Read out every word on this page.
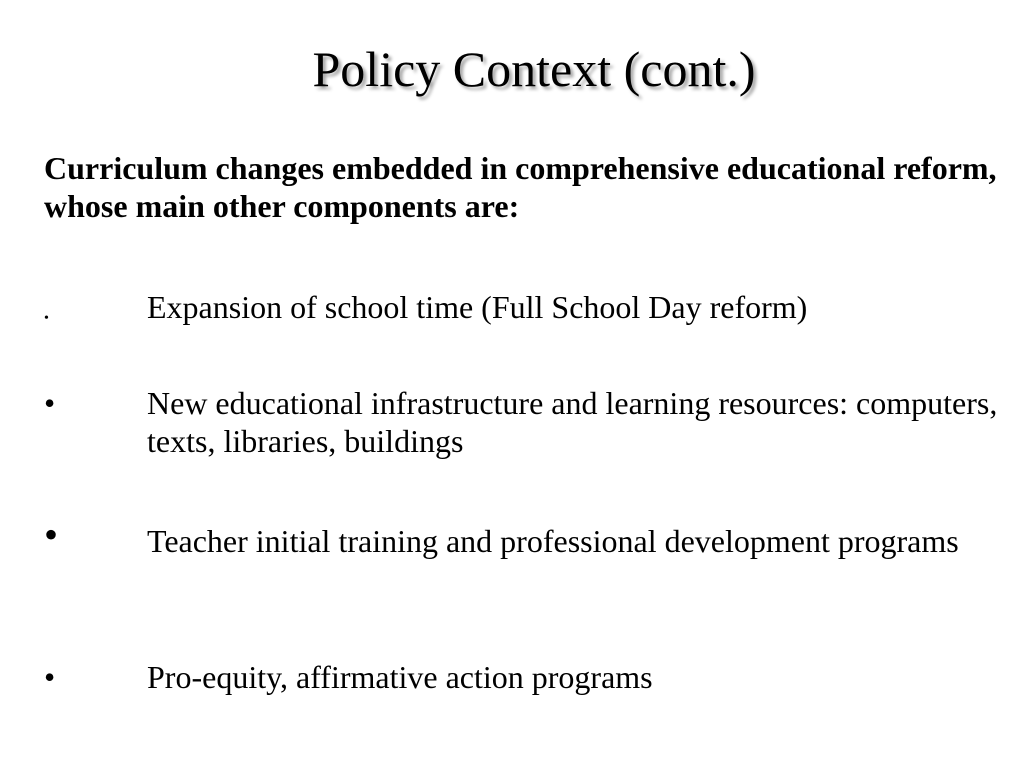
Policy Context (cont.)

Curriculum changes embedded in comprehensive educational reform, whose main other components are:

•	Expansion of school time (Full School Day reform)
•	New educational infrastructure and learning resources: computers, texts, libraries, buildings
•	Teacher initial training and professional development programs
•	Pro-equity, affirmative action programs
